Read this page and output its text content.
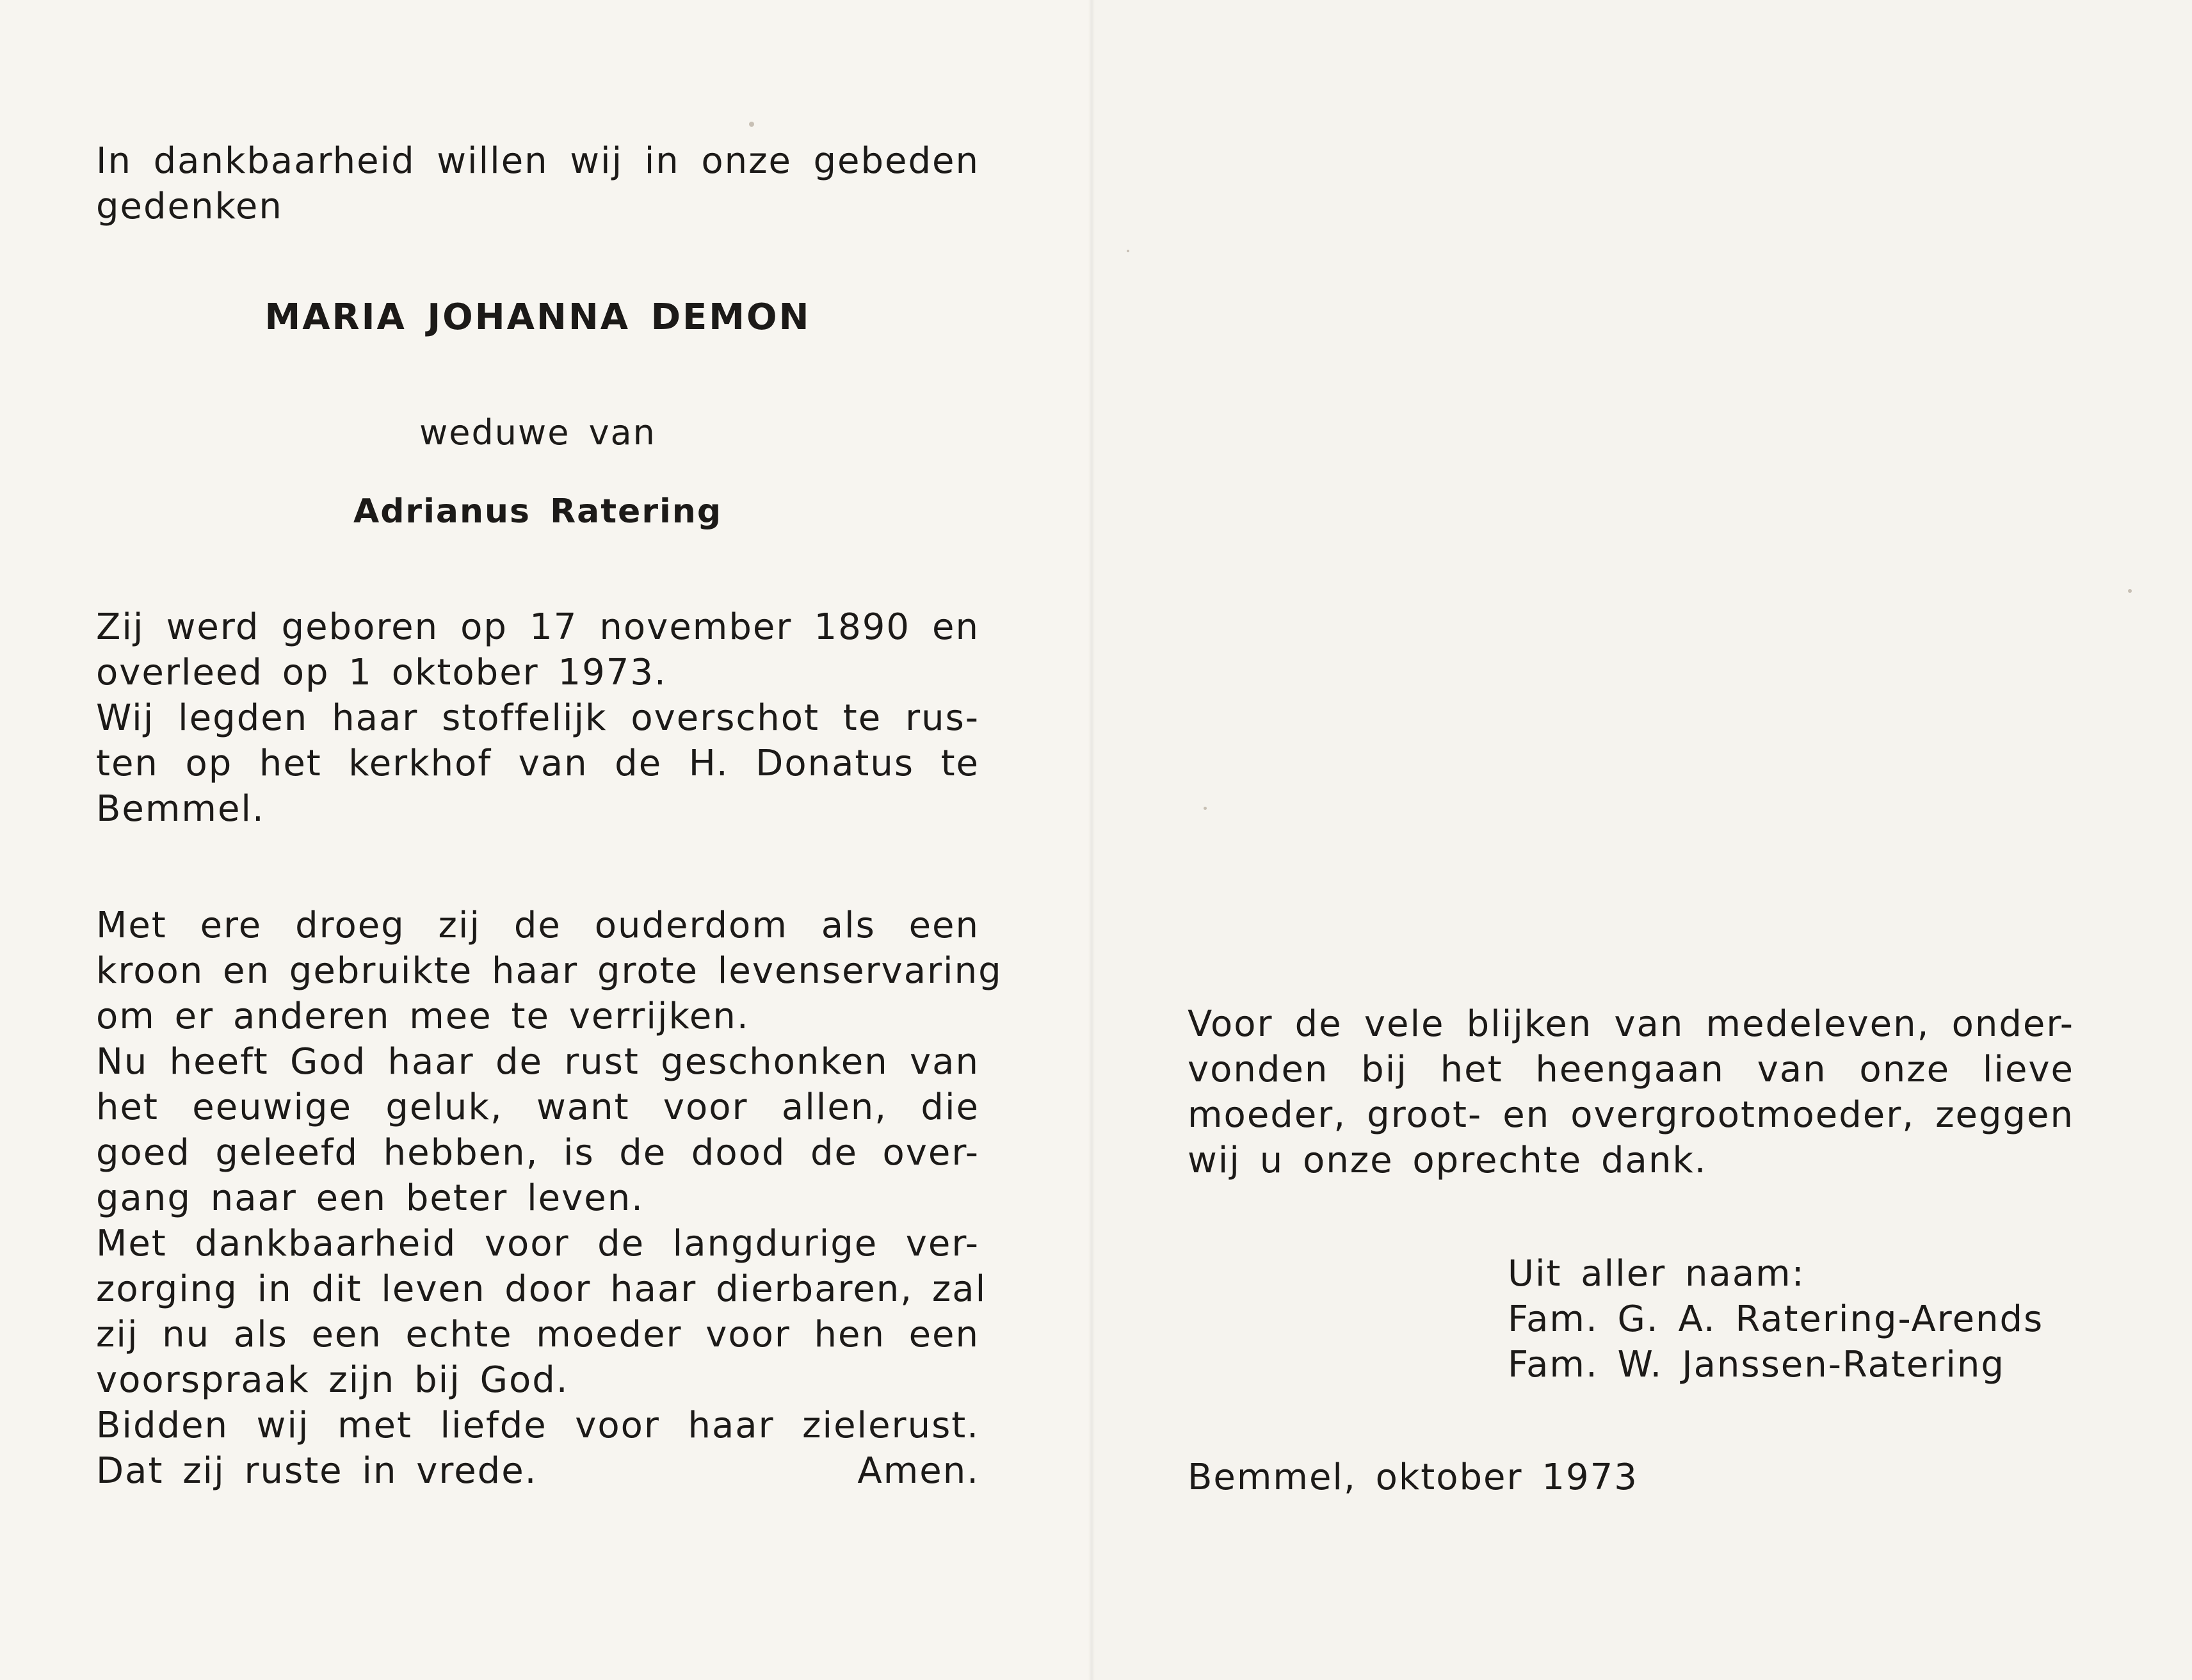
In dankbaarheid willen wij in onze gebeden
gedenken
MARIA JOHANNA DEMON
weduwe van
Adrianus Ratering
Zij werd geboren op 17 november 1890 en
overleed op 1 oktober 1973.
Wij legden haar stoffelijk overschot te rus-
ten op het kerkhof van de H. Donatus te
Bemmel.
Met ere droeg zij de ouderdom als een
kroon en gebruikte haar grote levenservaring
om er anderen mee te verrijken.
Nu heeft God haar de rust geschonken van
het eeuwige geluk, want voor allen, die
goed geleefd hebben, is de dood de over-
gang naar een beter leven.
Met dankbaarheid voor de langdurige ver-
zorging in dit leven door haar dierbaren, zal
zij nu als een echte moeder voor hen een
voorspraak zijn bij God.
Bidden wij met liefde voor haar zielerust.
Dat zij ruste in vrede.	Amen.
Voor de vele blijken van medeleven, onder-
vonden bij het heengaan van onze lieve
moeder, groot- en overgrootmoeder, zeggen
wij u onze oprechte dank.
Uit aller naam:
Fam. G. A. Ratering-Arends
Fam. W. Janssen-Ratering
Bemmel, oktober 1973
